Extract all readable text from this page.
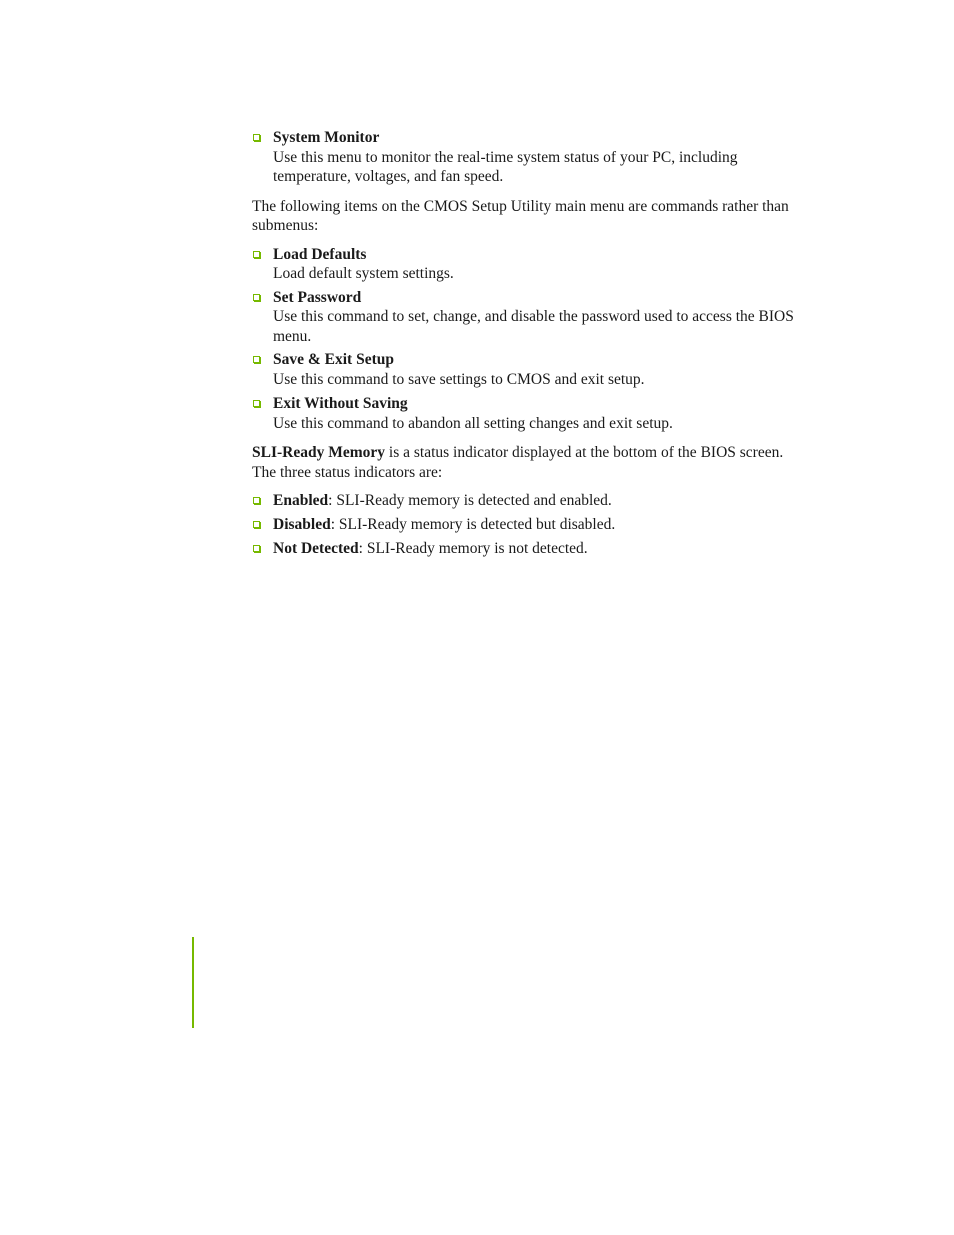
System Monitor
Use this menu to monitor the real-time system status of your PC, including temperature, voltages, and fan speed.

The following items on the CMOS Setup Utility main menu are commands rather than submenus:

Load Defaults
Load default system settings.
Set Password
Use this command to set, change, and disable the password used to access the BIOS menu.
Save & Exit Setup
Use this command to save settings to CMOS and exit setup.
Exit Without Saving
Use this command to abandon all setting changes and exit setup.

SLI-Ready Memory is a status indicator displayed at the bottom of the BIOS screen. The three status indicators are:

Enabled: SLI-Ready memory is detected and enabled.
Disabled: SLI-Ready memory is detected but disabled.
Not Detected: SLI-Ready memory is not detected.
